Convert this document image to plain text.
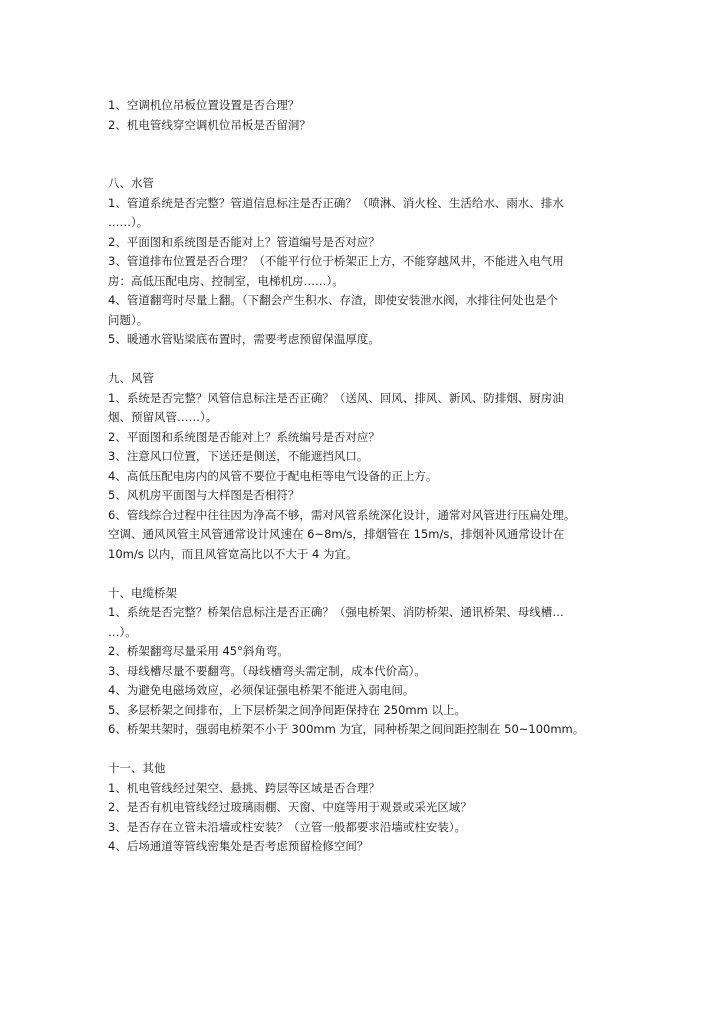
1、空调机位吊板位置设置是否合理？
2、机电管线穿空调机位吊板是否留洞？
八、水管
1、管道系统是否完整？管道信息标注是否正确？（喷淋、消火栓、生活给水、雨水、排水
……）。
2、平面图和系统图是否能对上？管道编号是否对应？
3、管道排布位置是否合理？（不能平行位于桥架正上方，不能穿越风井，不能进入电气用
房：高低压配电房、控制室，电梯机房……）。
4、管道翻弯时尽量上翻。（下翻会产生积水、存渣，即使安装泄水阀，水排往何处也是个
问题）。
5、暖通水管贴梁底布置时，需要考虑预留保温厚度。
九、风管
1、系统是否完整？风管信息标注是否正确？（送风、回风、排风、新风、防排烟、厨房油
烟、预留风管……）。
2、平面图和系统图是否能对上？系统编号是否对应？
3、注意风口位置，下送还是侧送，不能遮挡风口。
4、高低压配电房内的风管不要位于配电柜等电气设备的正上方。
5、风机房平面图与大样图是否相符？
6、管线综合过程中往往因为净高不够，需对风管系统深化设计，通常对风管进行压扁处理。
空调、通风风管主风管通常设计风速在 6~8m/s，排烟管在 15m/s，排烟补风通常设计在
10m/s 以内，而且风管宽高比以不大于 4 为宜。
十、电缆桥架
1、系统是否完整？桥架信息标注是否正确？（强电桥架、消防桥架、通讯桥架、母线槽…
…）。
2、桥架翻弯尽量采用 45°斜角弯。
3、母线槽尽量不要翻弯。（母线槽弯头需定制，成本代价高）。
4、为避免电磁场效应，必须保证强电桥架不能进入弱电间。
5、多层桥架之间排布，上下层桥架之间净间距保持在 250mm 以上。
6、桥架共架时，强弱电桥架不小于 300mm 为宜，同种桥架之间间距控制在 50~100mm。
十一、其他
1、机电管线经过架空、悬挑、跨层等区域是否合理？
2、是否有机电管线经过玻璃雨棚、天窗、中庭等用于观景或采光区域？
3、是否存在立管未沿墙或柱安装？（立管一般都要求沿墙或柱安装）。
4、后场通道等管线密集处是否考虑预留检修空间？
